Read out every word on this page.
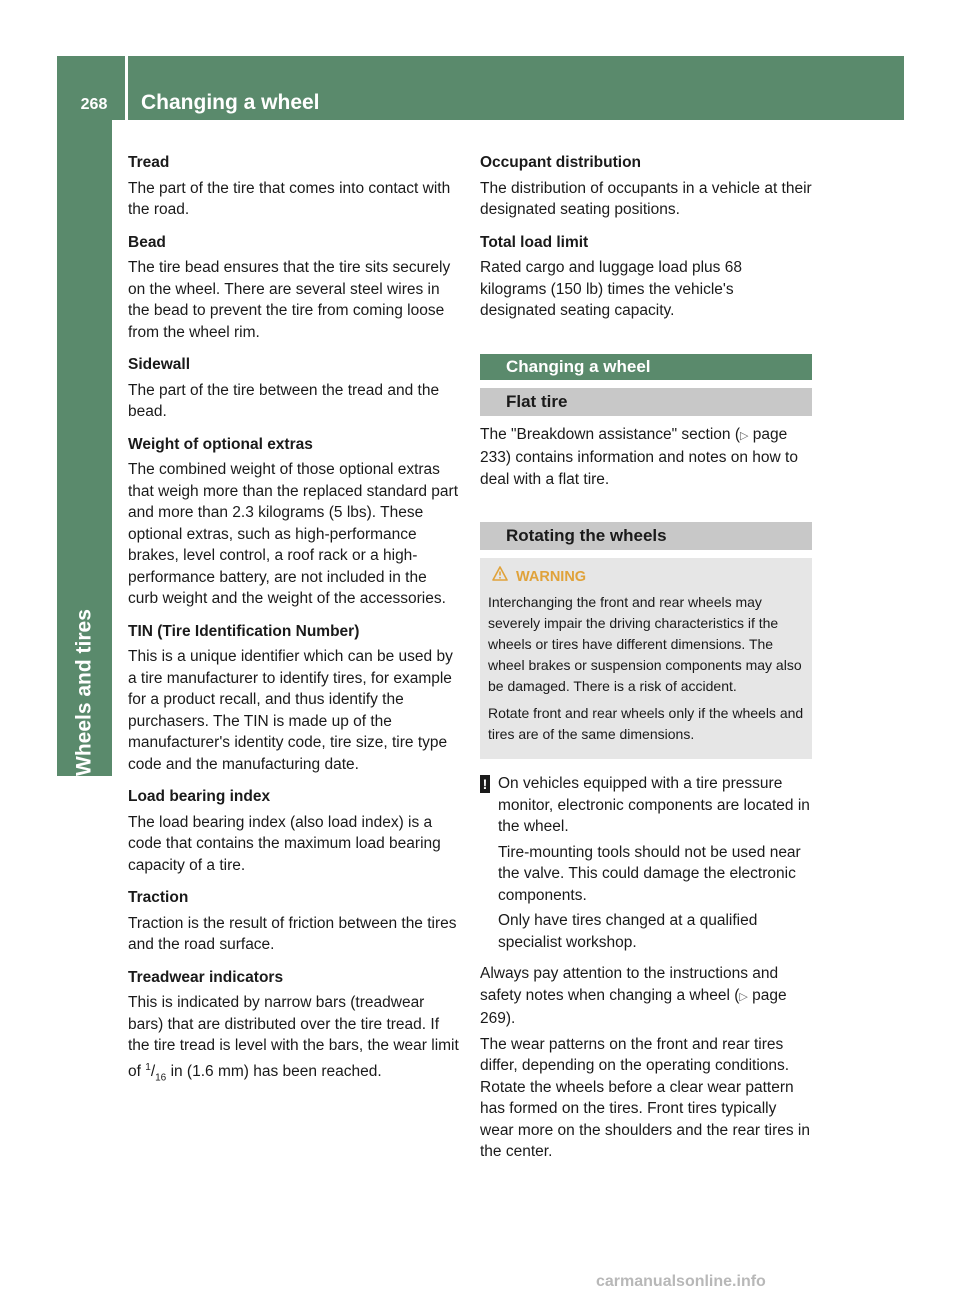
268	Changing a wheel
Wheels and tires

Tread

The part of the tire that comes into contact with the road.

Bead

The tire bead ensures that the tire sits securely on the wheel. There are several steel wires in the bead to prevent the tire from coming loose from the wheel rim.

Sidewall

The part of the tire between the tread and the bead.

Weight of optional extras

The combined weight of those optional extras that weigh more than the replaced standard part and more than 2.3 kilograms (5 lbs). These optional extras, such as high-performance brakes, level control, a roof rack or a high-performance battery, are not included in the curb weight and the weight of the accessories.

TIN (Tire Identification Number)

This is a unique identifier which can be used by a tire manufacturer to identify tires, for example for a product recall, and thus identify the purchasers. The TIN is made up of the manufacturer's identity code, tire size, tire type code and the manufacturing date.

Load bearing index

The load bearing index (also load index) is a code that contains the maximum load bearing capacity of a tire.

Traction

Traction is the result of friction between the tires and the road surface.

Treadwear indicators

This is indicated by narrow bars (treadwear bars) that are distributed over the tire tread. If the tire tread is level with the bars, the wear limit of $^1/_{16}$ in (1.6 mm) has been reached.

Occupant distribution

The distribution of occupants in a vehicle at their designated seating positions.

Total load limit

Rated cargo and luggage load plus 68 kilograms (150 lb) times the vehicle's designated seating capacity.

Changing a wheel
Flat tire

The "Breakdown assistance" section (▷ page 233) contains information and notes on how to deal with a flat tire.

Rotating the wheels
WARNING

Interchanging the front and rear wheels may severely impair the driving characteristics if the wheels or tires have different dimensions. The wheel brakes or suspension components may also be damaged. There is a risk of accident.

Rotate front and rear wheels only if the wheels and tires are of the same dimensions.

! On vehicles equipped with a tire pressure monitor, electronic components are located in the wheel.

Tire-mounting tools should not be used near the valve. This could damage the electronic components.

Only have tires changed at a qualified specialist workshop.

Always pay attention to the instructions and safety notes when changing a wheel (▷ page 269).

The wear patterns on the front and rear tires differ, depending on the operating conditions. Rotate the wheels before a clear wear pattern has formed on the tires. Front tires typically wear more on the shoulders and the rear tires in the center.

carmanualsonline.info
